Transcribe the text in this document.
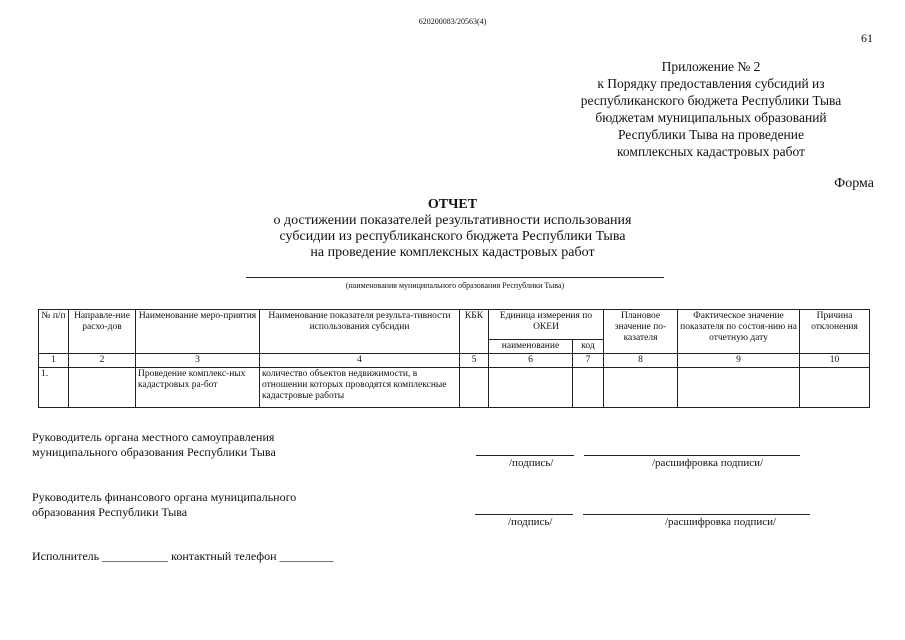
620200083/20563(4)
61
Приложение № 2
к Порядку предоставления субсидий из
республиканского бюджета Республики Тыва
бюджетам муниципальных образований
Республики Тыва на проведение
комплексных кадастровых работ
Форма
ОТЧЕТ
о достижении показателей результативности использования
субсидии из республиканского бюджета Республики Тыва
на проведение комплексных кадастровых работ
(наименования муниципального образования Республики Тыва)
№ п/п	Направле-ние расхо-дов	Наименование меро-приятия	Наименование показателя результа-тивности использования субсидии	КБК	Единица измерения по ОКЕИ		Плановое значение по-казателя	Фактическое значение показателя по состоя-нию на отчетную дату	Причина отклонения
					наименование	код			
1	2	3	4	5	6	7	8	9	10
1.		Проведение комплекс-ных кадастровых ра-бот	количество объектов недвижимости, в отношении которых проводятся комплексные кадастровые работы						
Руководитель органа местного самоуправления муниципального образования Республики Тыва
/подпись/	/расшифровка подписи/
Руководитель финансового органа муниципального образования Республики Тыва
/подпись/	/расшифровка подписи/
Исполнитель ___________ контактный телефон _________
